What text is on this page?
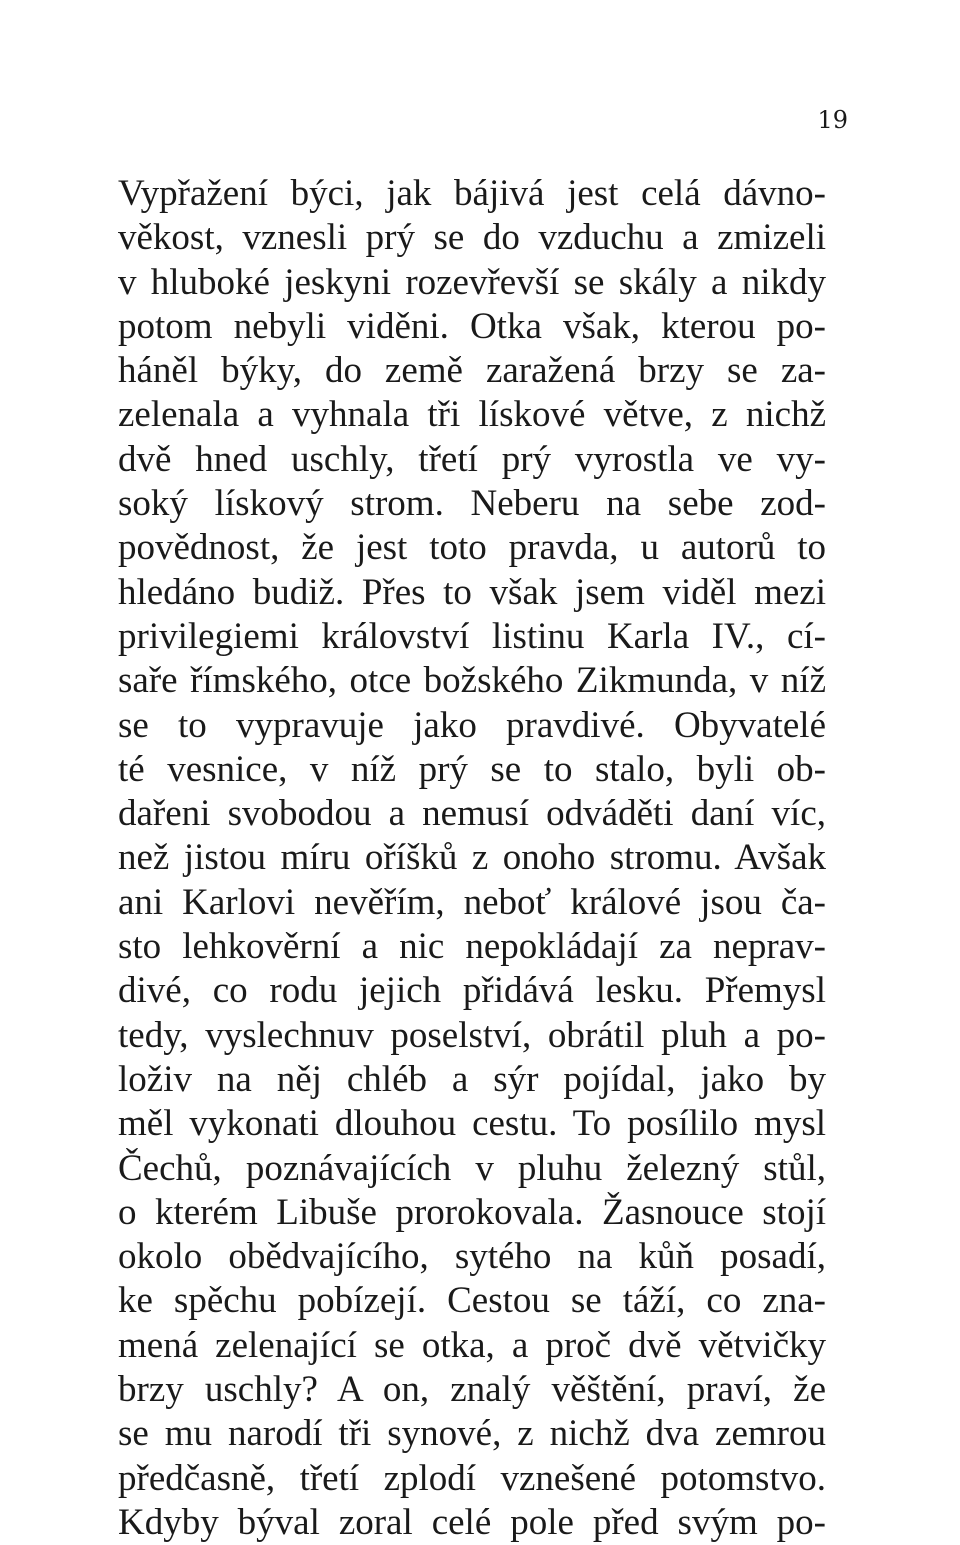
19
Vypřažení býci, jak bájivá jest celá dávno-
věkost, vznesli prý se do vzduchu a zmizeli
v hluboké jeskyni rozevřevší se skály a nikdy
potom nebyli viděni. Otka však, kterou po-
háněl býky, do země zaražená brzy se za-
zelenala a vyhnala tři lískové větve, z nichž
dvě hned uschly, třetí prý vyrostla ve vy-
soký lískový strom. Neberu na sebe zod-
povědnost, že jest toto pravda, u autorů to
hledáno budiž. Přes to však jsem viděl mezi
privilegiemi království listinu Karla IV., cí-
saře římského, otce božského Zikmunda, v níž
se to vypravuje jako pravdivé. Obyvatelé
té vesnice, v níž prý se to stalo, byli ob-
dařeni svobodou a nemusí odváděti daní víc,
než jistou míru oříšků z onoho stromu. Avšak
ani Karlovi nevěřím, neboť králové jsou ča-
sto lehkověrní a nic nepokládají za neprav-
divé, co rodu jejich přidává lesku. Přemysl
tedy, vyslechnuv poselství, obrátil pluh a po-
loživ na něj chléb a sýr pojídal, jako by
měl vykonati dlouhou cestu. To posílilo mysl
Čechů, poznávajících v pluhu železný stůl,
o kterém Libuše prorokovala. Žasnouce stojí
okolo obědvajícího, sytého na kůň posadí,
ke spěchu pobízejí. Cestou se táží, co zna-
mená zelenající se otka, a proč dvě větvičky
brzy uschly? A on, znalý věštění, praví, že
se mu narodí tři synové, z nichž dva zemrou
předčasně, třetí zplodí vznešené potomstvo.
Kdyby býval zoral celé pole před svým po-
